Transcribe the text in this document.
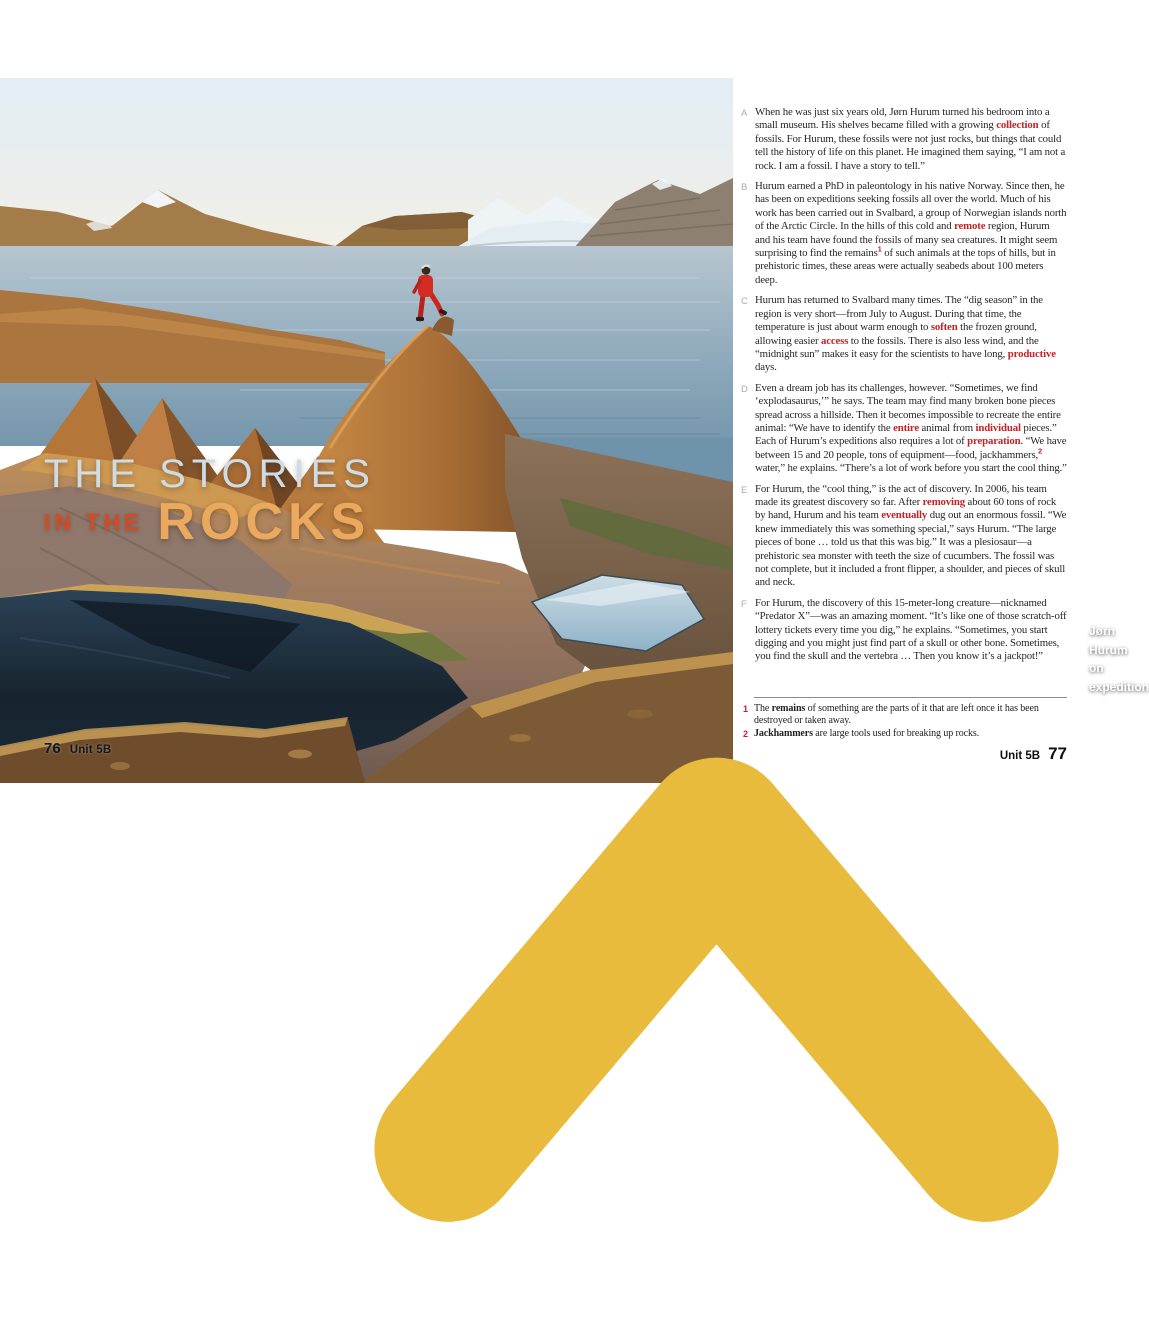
THE STORIES
IN THE ROCKS
Jørn Hurum
on expedition
76 Unit 5B
A When he was just six years old, Jørn Hurum turned his bedroom into a small museum. His shelves became filled with a growing collection of fossils. For Hurum, these fossils were not just rocks, but things that could tell the history of life on this planet. He imagined them saying, “I am not a rock. I am a fossil. I have a story to tell.”

B Hurum earned a PhD in paleontology in his native Norway. Since then, he has been on expeditions seeking fossils all over the world. Much of his work has been carried out in Svalbard, a group of Norwegian islands north of the Arctic Circle. In the hills of this cold and remote region, Hurum and his team have found the fossils of many sea creatures. It might seem surprising to find the remains$^1$ of such animals at the tops of hills, but in prehistoric times, these areas were actually seabeds about 100 meters deep.

C Hurum has returned to Svalbard many times. The “dig season” in the region is very short—from July to August. During that time, the temperature is just about warm enough to soften the frozen ground, allowing easier access to the fossils. There is also less wind, and the “midnight sun” makes it easy for the scientists to have long, productive days.

D Even a dream job has its challenges, however. “Sometimes, we find ‘explodasaurus,’” he says. The team may find many broken bone pieces spread across a hillside. Then it becomes impossible to recreate the entire animal: “We have to identify the entire animal from individual pieces.” Each of Hurum’s expeditions also requires a lot of preparation. “We have between 15 and 20 people, tons of equipment—food, jackhammers,$^2$ water,” he explains. “There’s a lot of work before you start the cool thing.”

E For Hurum, the “cool thing,” is the act of discovery. In 2006, his team made its greatest discovery so far. After removing about 60 tons of rock by hand, Hurum and his team eventually dug out an enormous fossil. “We knew immediately this was something special,” says Hurum. “The large pieces of bone … told us that this was big.” It was a plesiosaur—a prehistoric sea monster with teeth the size of cucumbers. The fossil was not complete, but it included a front flipper, a shoulder, and pieces of skull and neck.

F For Hurum, the discovery of this 15-meter-long creature—nicknamed “Predator X”—was an amazing moment. “It’s like one of those scratch-off lottery tickets every time you dig,” he explains. “Sometimes, you start digging and you might just find part of a skull or other bone. Sometimes, you find the skull and the vertebra … Then you know it’s a jackpot!”

1 The remains of something are the parts of it that are left once it has been destroyed or taken away.
2 Jackhammers are large tools used for breaking up rocks.
Unit 5B 77
